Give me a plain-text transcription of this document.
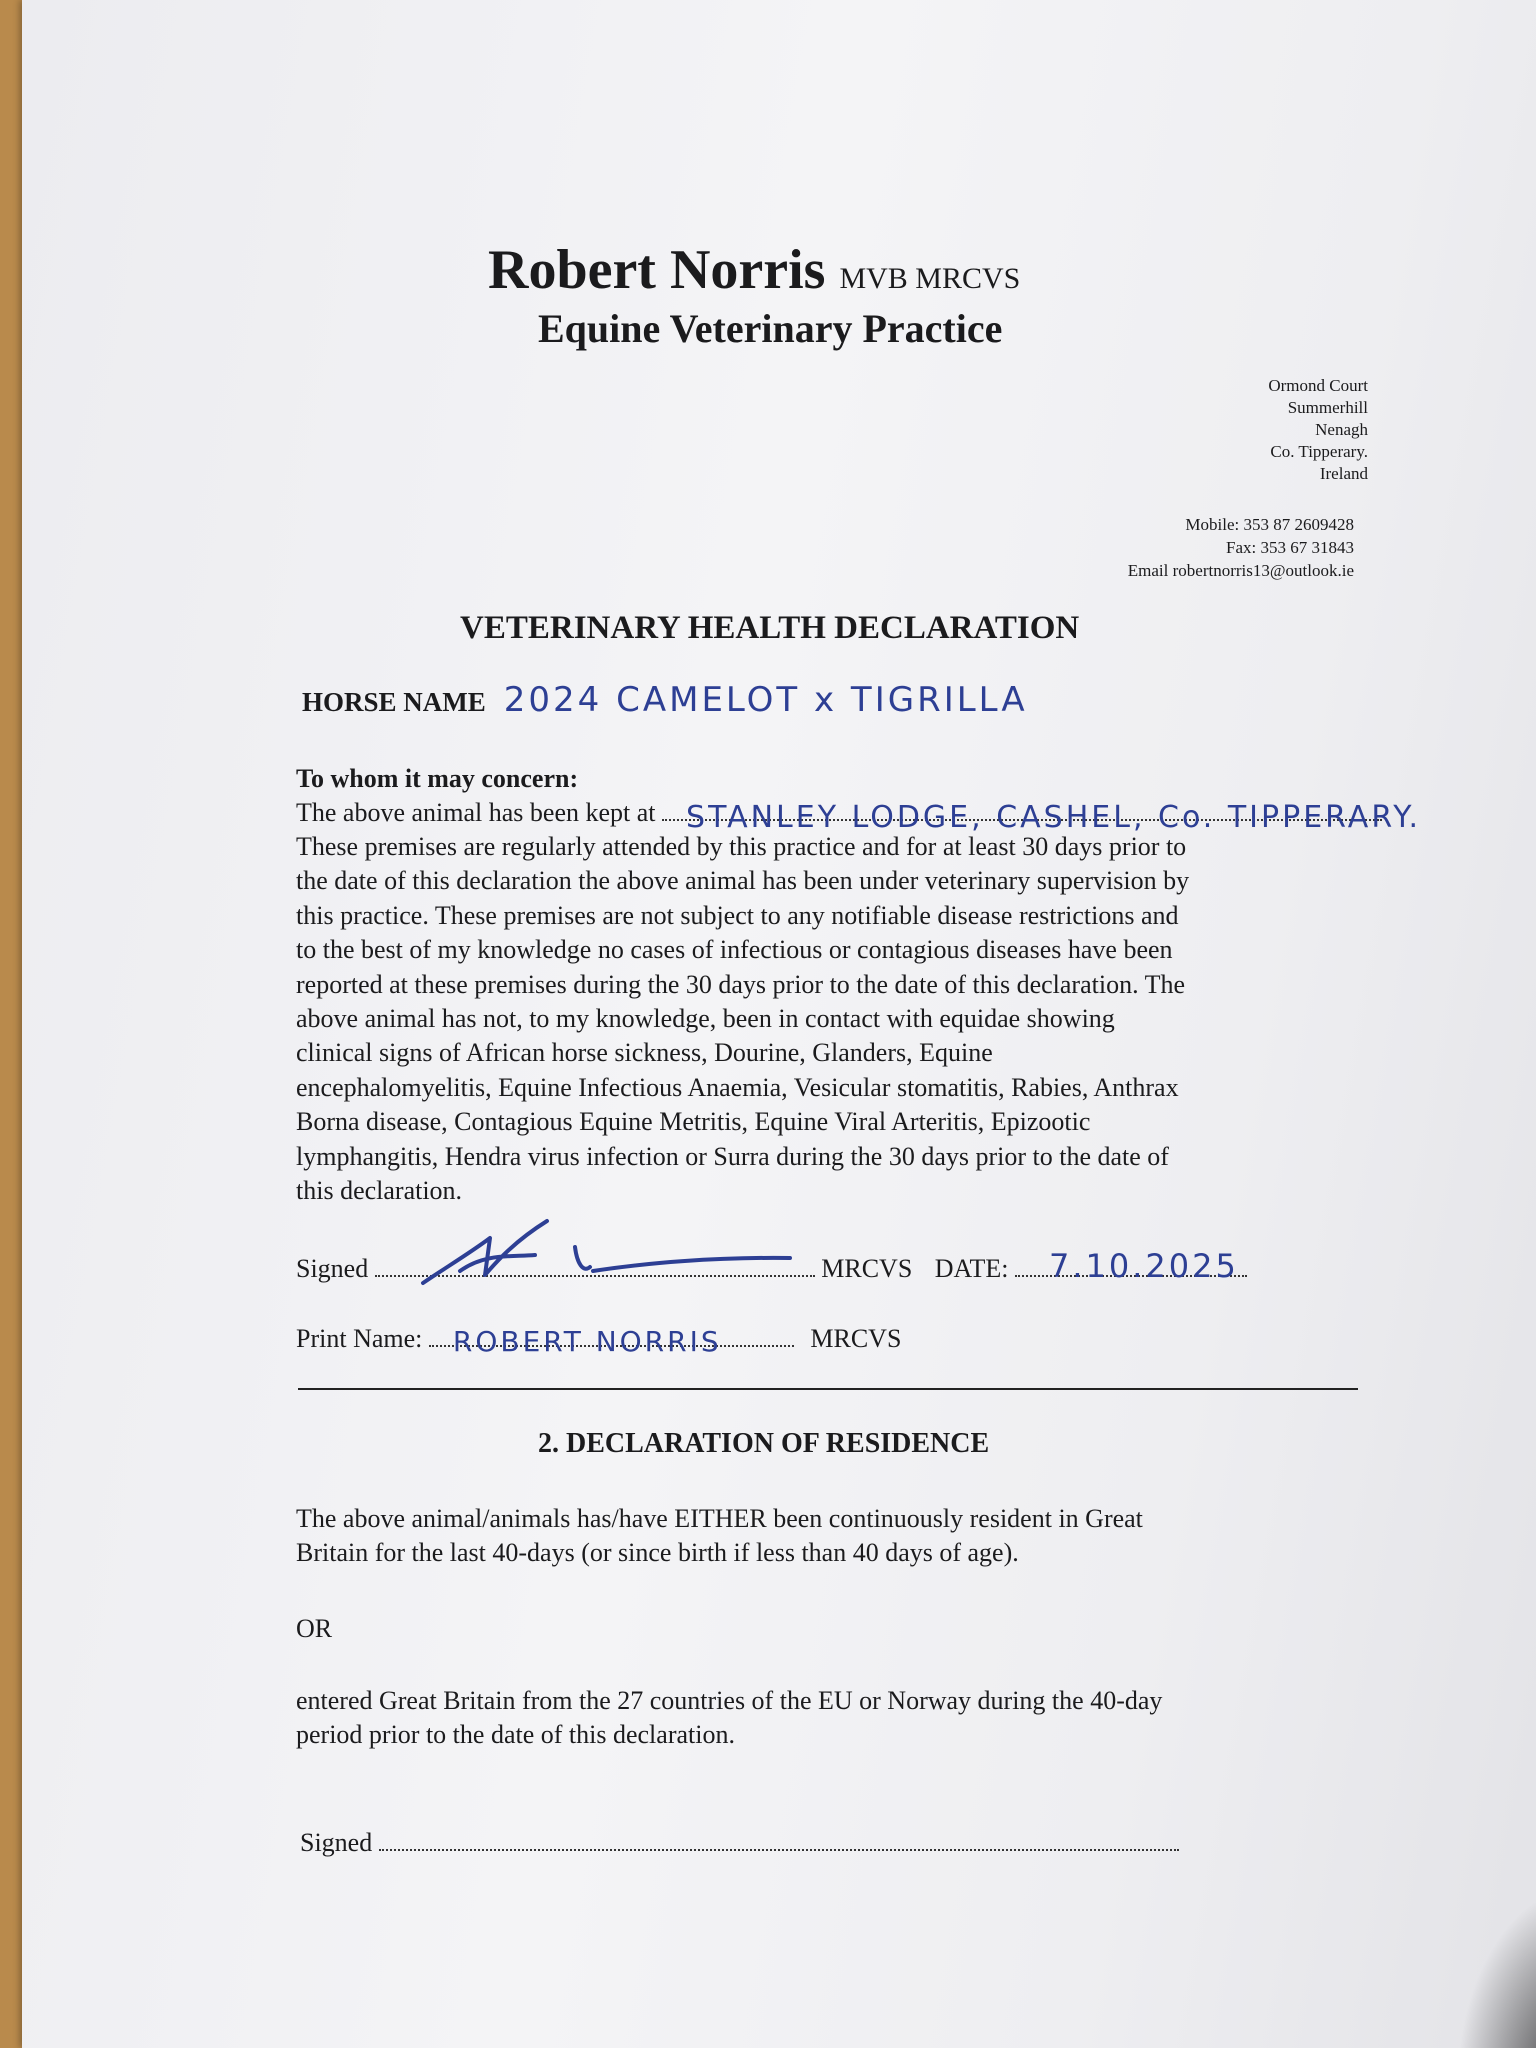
Robert Norris MVB MRCVS
Equine Veterinary Practice
Ormond Court
Summerhill
Nenagh
Co. Tipperary.
Ireland
Mobile: 353 87 2609428
Fax: 353 67 31843
Email robertnorris13@outlook.ie
VETERINARY HEALTH DECLARATION
HORSE NAME 2024 CAMELOT x TIGRILLA
To whom it may concern:
The above animal has been kept at STANLEY LODGE, CASHEL, Co. TIPPERARY.
These premises are regularly attended by this practice and for at least 30 days prior to
the date of this declaration the above animal has been under veterinary supervision by
this practice. These premises are not subject to any notifiable disease restrictions and
to the best of my knowledge no cases of infectious or contagious diseases have been
reported at these premises during the 30 days prior to the date of this declaration. The
above animal has not, to my knowledge, been in contact with equidae showing
clinical signs of African horse sickness, Dourine, Glanders, Equine
encephalomyelitis, Equine Infectious Anaemia, Vesicular stomatitis, Rabies, Anthrax
Borna disease, Contagious Equine Metritis, Equine Viral Arteritis, Epizootic
lymphangitis, Hendra virus infection or Surra during the 30 days prior to the date of
this declaration.
Signed	MRCVS DATE: 7.10.2025
Print Name: ROBERT NORRIS	MRCVS
2. DECLARATION OF RESIDENCE
The above animal/animals has/have EITHER been continuously resident in Great
Britain for the last 40-days (or since birth if less than 40 days of age).
OR
entered Great Britain from the 27 countries of the EU or Norway during the 40-day
period prior to the date of this declaration.
Signed
